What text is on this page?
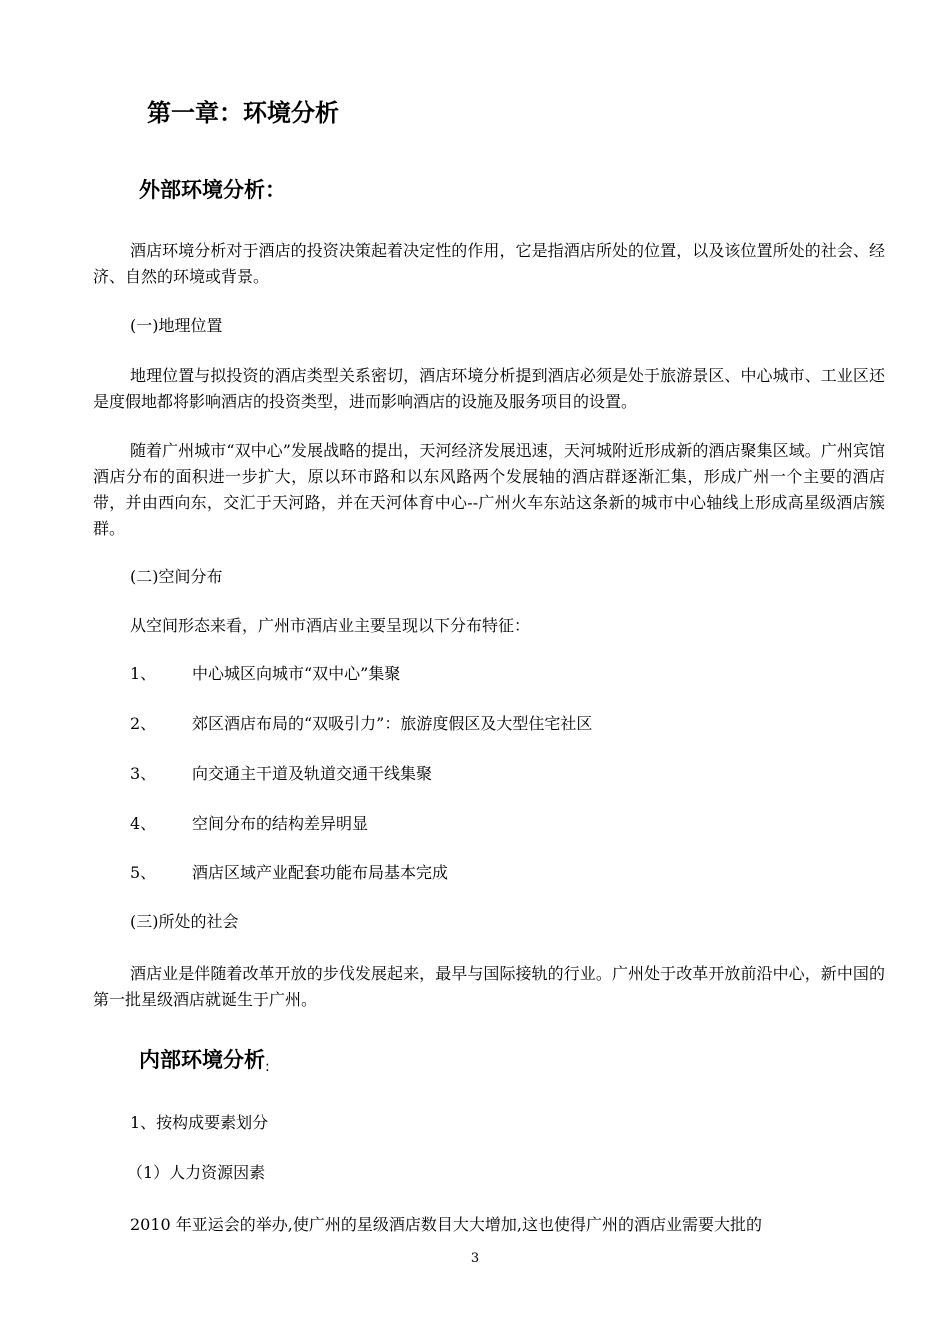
第一章：环境分析
外部环境分析：

酒店环境分析对于酒店的投资决策起着决定性的作用，它是指酒店所处的位置，以及该位置所处的社会、经济、自然的环境或背景。

(一)地理位置

地理位置与拟投资的酒店类型关系密切，酒店环境分析提到酒店必须是处于旅游景区、中心城市、工业区还是度假地都将影响酒店的投资类型，进而影响酒店的设施及服务项目的设置。

随着广州城市“双中心”发展战略的提出，天河经济发展迅速，天河城附近形成新的酒店聚集区域。广州宾馆酒店分布的面积进一步扩大，原以环市路和以东风路两个发展轴的酒店群逐渐汇集，形成广州一个主要的酒店带，并由西向东，交汇于天河路，并在天河体育中心--广州火车东站这条新的城市中心轴线上形成高星级酒店簇群。

(二)空间分布
从空间形态来看，广州市酒店业主要呈现以下分布特征：
1、 中心城区向城市“双中心”集聚
2、 郊区酒店布局的“双吸引力”：旅游度假区及大型住宅社区
3、 向交通主干道及轨道交通干线集聚
4、 空间分布的结构差异明显
5、 酒店区域产业配套功能布局基本完成
(三)所处的社会

酒店业是伴随着改革开放的步伐发展起来，最早与国际接轨的行业。广州处于改革开放前沿中心，新中国的第一批星级酒店就诞生于广州。

内部环境分析:
1、按构成要素划分
（1）人力资源因素

2010 年亚运会的举办,使广州的星级酒店数目大大增加,这也使得广州的酒店业需要大批的

3
